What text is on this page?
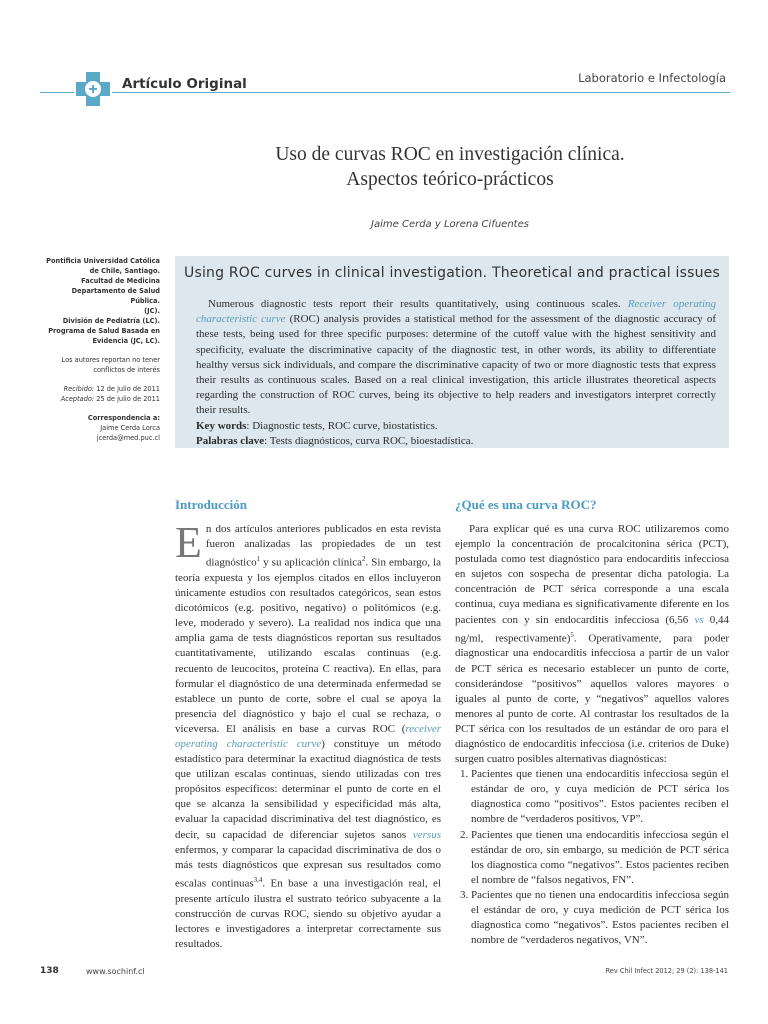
Artículo Original	Laboratorio e Infectología
Uso de curvas ROC en investigación clínica.
Aspectos teórico-prácticos
Jaime Cerda y Lorena Cifuentes

Pontificia Universidad Católica
de Chile, Santiago.
Facultad de Medicina
Departamento de Salud Pública.
(JC).
División de Pediatría (LC).
Programa de Salud Basada en
Evidencia (JC, LC).

Los autores reportan no tener
conflictos de interés

Recibido: 12 de julio de 2011
Aceptado: 25 de julio de 2011

Correspondencia a:
Jaime Cerda Lorca
jcerda@med.puc.cl

Using ROC curves in clinical investigation. Theoretical and practical issues
Numerous diagnostic tests report their results quantitatively, using continuous scales. Receiver operating characteristic curve (ROC) analysis provides a statistical method for the assessment of the diagnostic accuracy of these tests, being used for three specific purposes: determine of the cutoff value with the highest sensitivity and specificity, evaluate the discriminative capacity of the diagnostic test, in other words, its ability to differentiate healthy versus sick individuals, and compare the discriminative capacity of two or more diagnostic tests that express their results as continuous scales. Based on a real clinical investigation, this article illustrates theoretical aspects regarding the construction of ROC curves, being its objective to help readers and investigators interpret correctly their results.
Key words: Diagnostic tests, ROC curve, biostatistics.
Palabras clave: Tests diagnósticos, curva ROC, bioestadística.
Introducción	¿Qué es una curva ROC?

En dos artículos anteriores publicados en esta revista fueron analizadas las propiedades de un test diagnóstico$^1$ y su aplicación clínica$^2$. Sin embargo, la teoría expuesta y los ejemplos citados en ellos incluyeron únicamente estudios con resultados categóricos, sean estos dicotómicos (e.g. positivo, negativo) o politómicos (e.g. leve, moderado y severo). La realidad nos indica que una amplia gama de tests diagnósticos reportan sus resultados cuantitativamente, utilizando escalas continuas (e.g. recuento de leucocitos, proteína C reactiva). En ellas, para formular el diagnóstico de una determinada enfermedad se establece un punto de corte, sobre el cual se apoya la presencia del diagnóstico y bajo el cual se rechaza, o viceversa. El análisis en base a curvas ROC (receiver operating characteristic curve) constituye un método estadístico para determinar la exactitud diagnóstica de tests que utilizan escalas continuas, siendo utilizadas con tres propósitos específicos: determinar el punto de corte en el que se alcanza la sensibilidad y especificidad más alta, evaluar la capacidad discriminativa del test diagnóstico, es decir, su capacidad de diferenciar sujetos sanos versus enfermos, y comparar la capacidad discriminativa de dos o más tests diagnósticos que expresan sus resultados como escalas continuas$^{3,4}$. En base a una investigación real, el presente artículo ilustra el sustrato teórico subyacente a la construcción de curvas ROC, siendo su objetivo ayudar a lectores e investigadores a interpretar correctamente sus resultados.

Para explicar qué es una curva ROC utilizaremos como ejemplo la concentración de procalcitonina sérica (PCT), postulada como test diagnóstico para endocarditis infecciosa en sujetos con sospecha de presentar dicha patología. La concentración de PCT sérica corresponde a una escala continua, cuya mediana es significativamente diferente en los pacientes con y sin endocarditis infecciosa (6,56 vs 0,44 ng/ml, respectivamente)$^5$. Operativamente, para poder diagnosticar una endocarditis infecciosa a partir de un valor de PCT sérica es necesario establecer un punto de corte, considerándose “positivos” aquellos valores mayores o iguales al punto de corte, y “negativos” aquellos valores menores al punto de corte. Al contrastar los resultados de la PCT sérica con los resultados de un estándar de oro para el diagnóstico de endocarditis infecciosa (i.e. criterios de Duke) surgen cuatro posibles alternativas diagnósticas:

1. Pacientes que tienen una endocarditis infecciosa según el estándar de oro, y cuya medición de PCT sérica los diagnostica como “positivos”. Estos pacientes reciben el nombre de “verdaderos positivos, VP”.
2. Pacientes que tienen una endocarditis infecciosa según el estándar de oro, sin embargo, su medición de PCT sérica los diagnostica como “negativos”. Estos pacientes reciben el nombre de “falsos negativos, FN”.
3. Pacientes que no tienen una endocarditis infecciosa según el estándar de oro, y cuya medición de PCT sérica los diagnostica como “negativos”. Estos pacientes reciben el nombre de “verdaderos negativos, VN”.
138	www.sochinf.cl	Rev Chil Infect 2012; 29 (2): 138-141
